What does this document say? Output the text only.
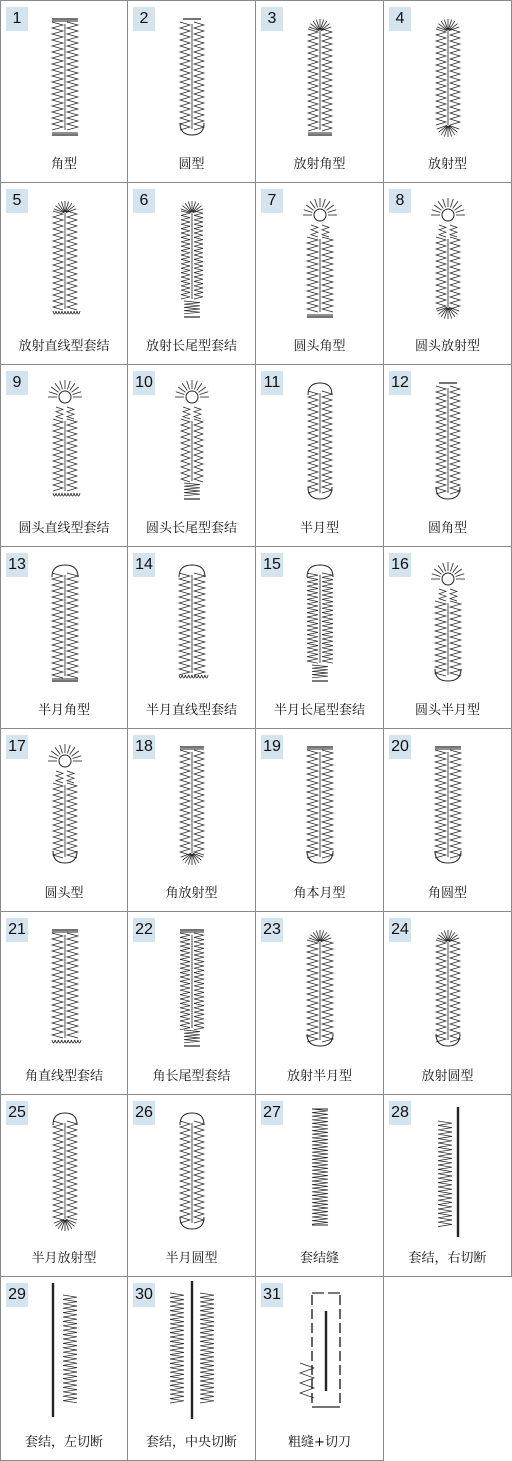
1
角型
2
圆型
3
放射角型
4
放射型
5
放射直线型套结
6
放射长尾型套结
7
圆头角型
8
圆头放射型
9
圆头直线型套结
10
圆头长尾型套结
11
半月型
12
圆角型
13
半月角型
14
半月直线型套结
15
半月长尾型套结
16
圆头半月型
17
圆头型
18
角放射型
19
角本月型
20
角圆型
21
角直线型套结
22
角长尾型套结
23
放射半月型
24
放射圆型
25
半月放射型
26
半月圆型
27
套结缝
28
套结，右切断
29
套结，左切断
30
套结，中央切断
31
粗缝+切刀
